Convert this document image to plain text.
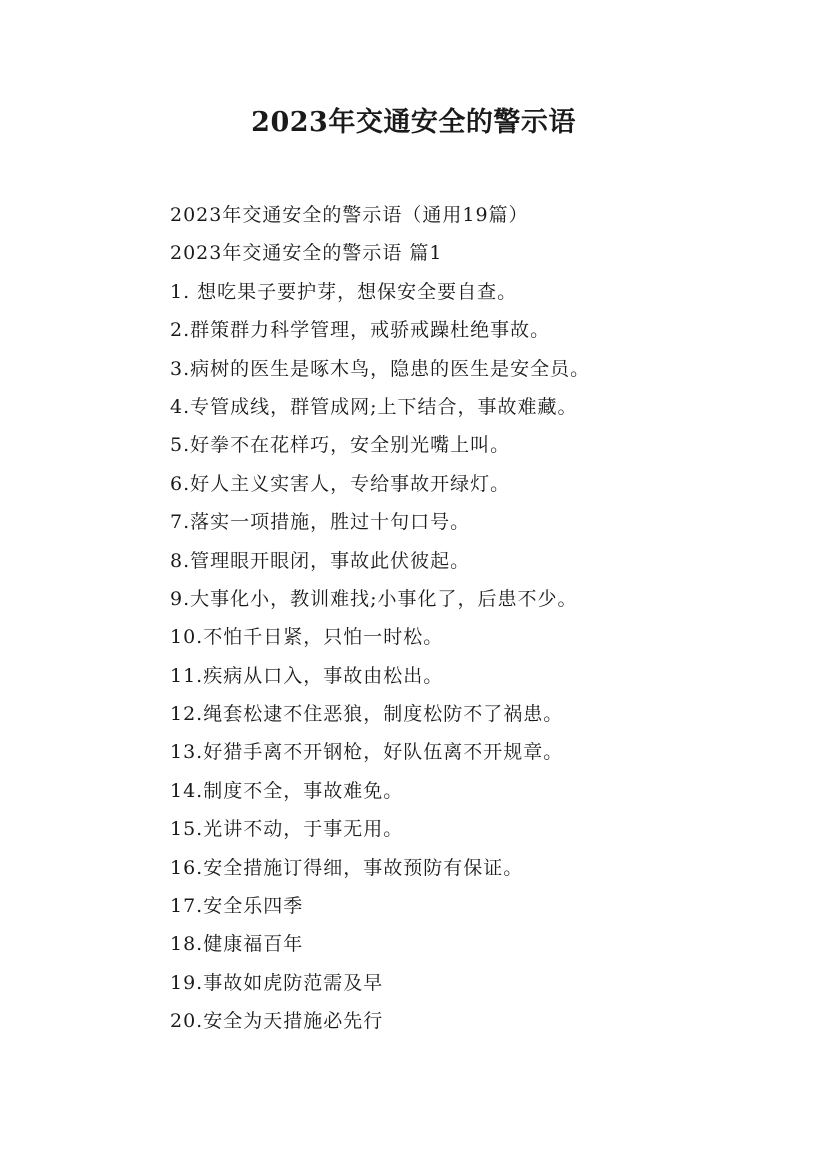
2023年交通安全的警示语
2023年交通安全的警示语（通用19篇）
2023年交通安全的警示语 篇1
1. 想吃果子要护芽，想保安全要自查。
2.群策群力科学管理，戒骄戒躁杜绝事故。
3.病树的医生是啄木鸟，隐患的医生是安全员。
4.专管成线，群管成网;上下结合，事故难藏。
5.好拳不在花样巧，安全别光嘴上叫。
6.好人主义实害人，专给事故开绿灯。
7.落实一项措施，胜过十句口号。
8.管理眼开眼闭，事故此伏彼起。
9.大事化小，教训难找;小事化了，后患不少。
10.不怕千日紧，只怕一时松。
11.疾病从口入，事故由松出。
12.绳套松逮不住恶狼，制度松防不了祸患。
13.好猎手离不开钢枪，好队伍离不开规章。
14.制度不全，事故难免。
15.光讲不动，于事无用。
16.安全措施订得细，事故预防有保证。
17.安全乐四季
18.健康福百年
19.事故如虎防范需及早
20.安全为天措施必先行
